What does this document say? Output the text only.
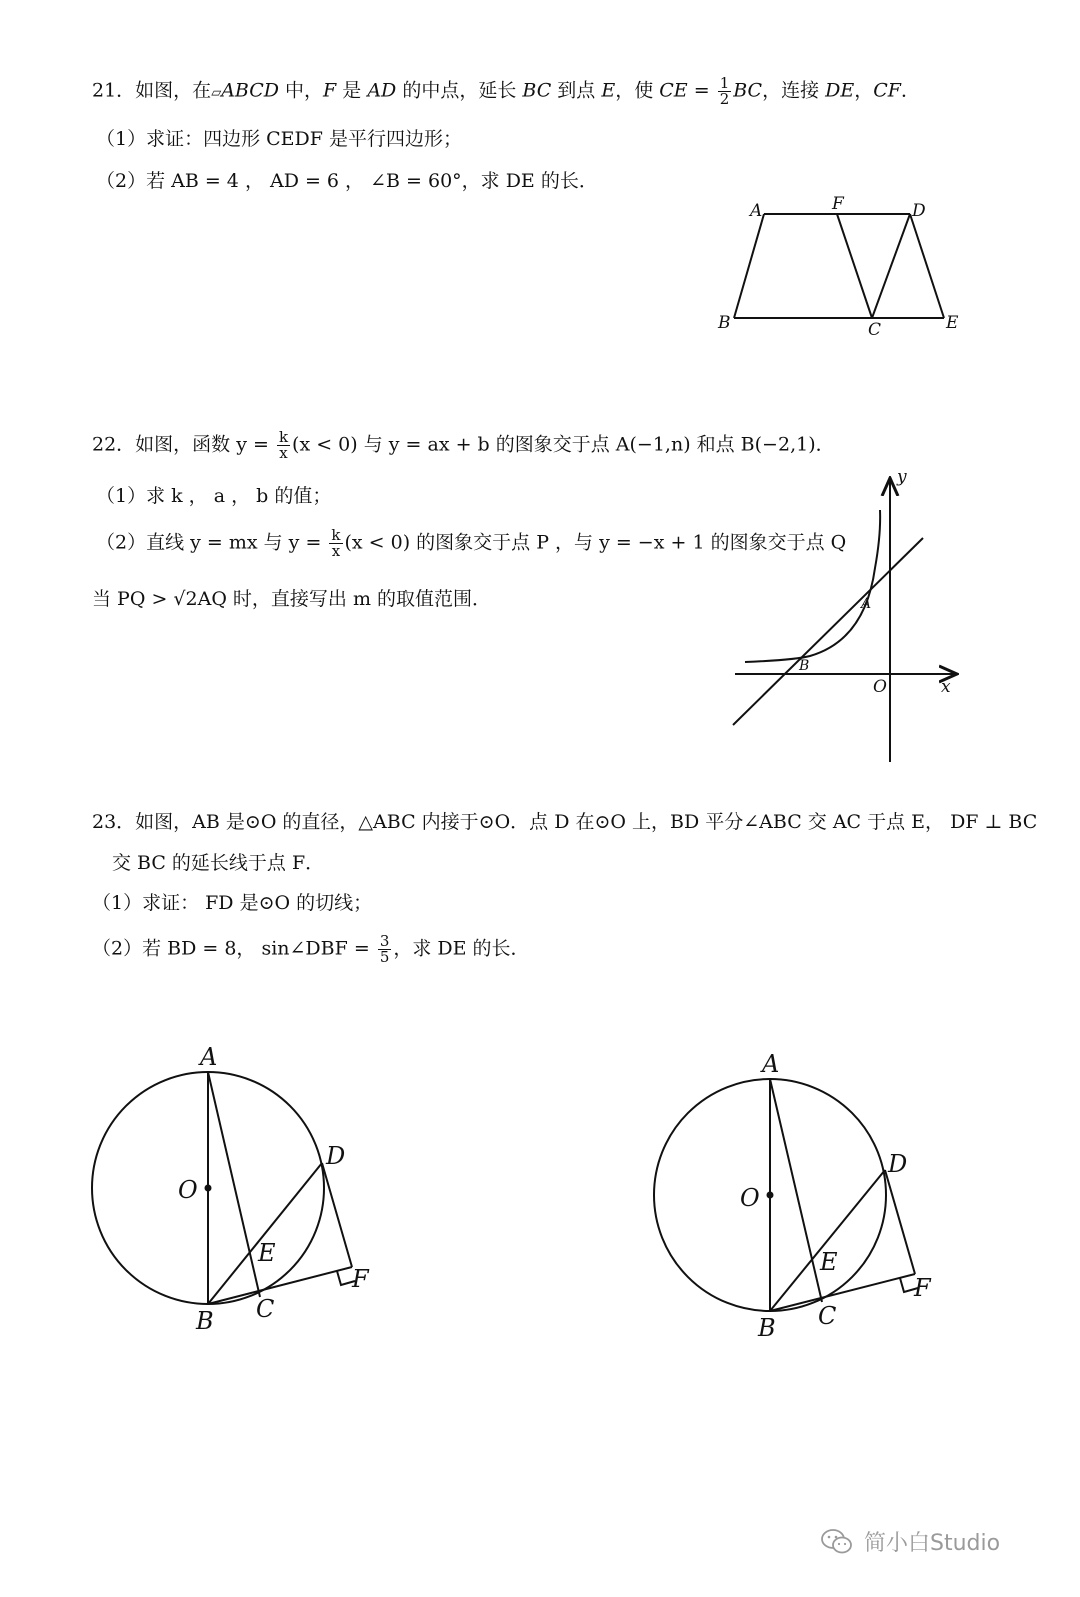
21．如图，在▱ABCD 中，F 是 AD 的中点，延长 BC 到点 E，使 CE = $\frac{1}{2}$ BC，连接 DE，CF．
（1）求证：四边形 CEDF 是平行四边形；
（2）若 AB = 4 ， AD = 6 ， ∠B = 60°，求 DE 的长．
A	F	D
B	C	E
22．如图，函数 $y = \frac{k}{x} (x < 0)$ 与 y = ax + b 的图象交于点 A(−1,n) 和点 B(−2,1)．
（1）求 k ， a ， b 的值；
（2）直线 y = mx 与 $y = \frac{k}{x} (x < 0)$ 的图象交于点 P ，与 y = −x + 1 的图象交于点 Q
当 PQ > √2AQ 时，直接写出 m 的取值范围．
y
x
O
A
B
23．如图，AB 是⊙O 的直径，△ABC 内接于⊙O．点 D 在⊙O 上，BD 平分∠ABC 交 AC 于点 E， DF ⊥ BC
交 BC 的延长线于点 F．
（1）求证： FD 是⊙O 的切线；
（2）若 BD = 8， sin∠DBF = $\frac{3}{5}$ ，求 DE 的长．
A
O
D
E
F
B C
A
O
D
E
F
B C
简小白Studio
